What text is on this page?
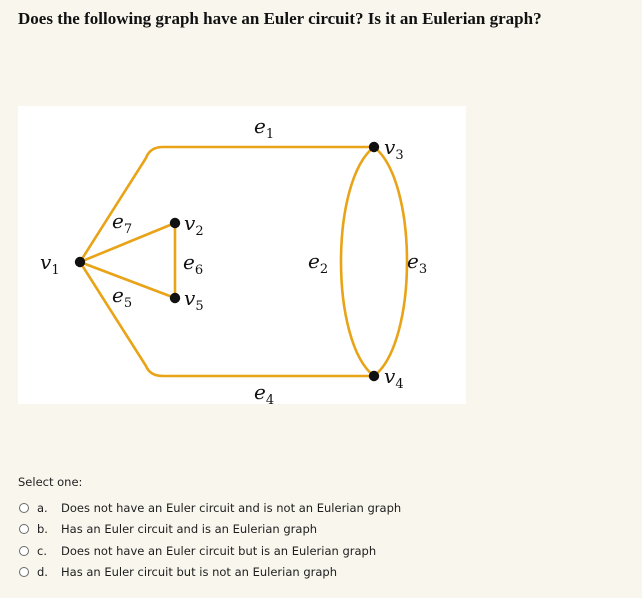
Does the following graph have an Euler circuit? Is it an Eulerian graph?
$e_1$
$e_2$	$e_3$
$e_4$
$e_5$
$e_6$
$e_7$
$v_1$
$v_2$
$v_3$
$v_4$
$v_5$
Select one:
a.	Does not have an Euler circuit and is not an Eulerian graph
b.	Has an Euler circuit and is an Eulerian graph
c.	Does not have an Euler circuit but is an Eulerian graph
d.	Has an Euler circuit but is not an Eulerian graph
